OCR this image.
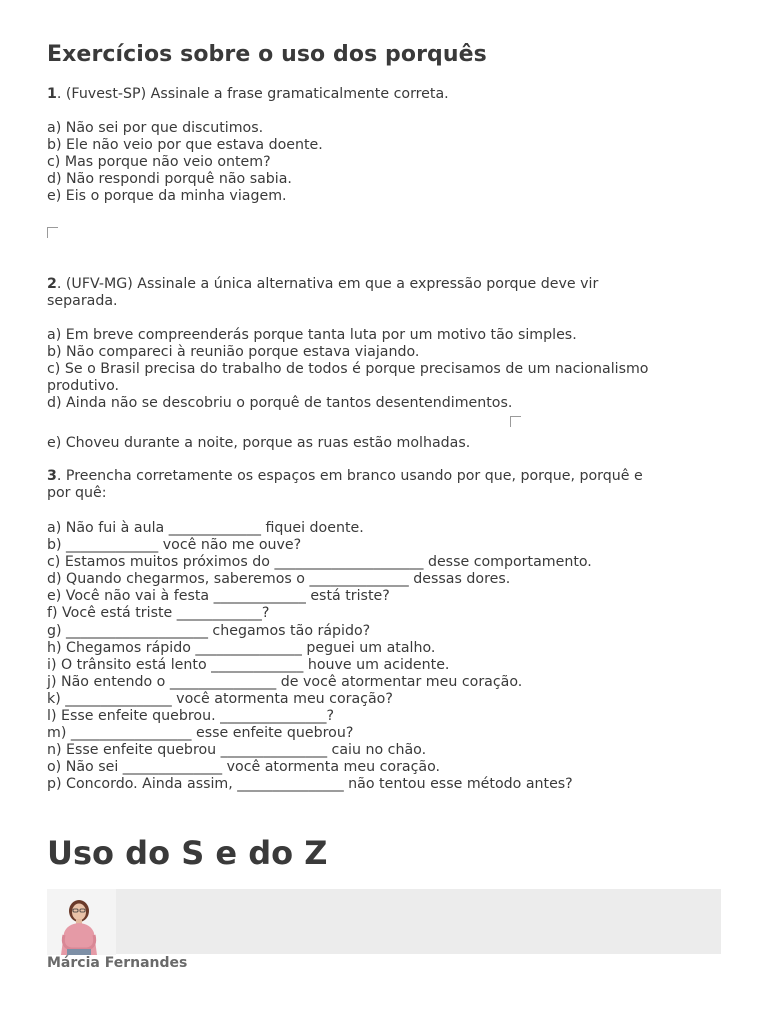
Exercícios sobre o uso dos porquês

1. (Fuvest-SP) Assinale a frase gramaticalmente correta.

a) Não sei por que discutimos.
b) Ele não veio por que estava doente.
c) Mas porque não veio ontem?
d) Não respondi porquê não sabia.
e) Eis o porque da minha viagem.

2. (UFV-MG) Assinale a única alternativa em que a expressão porque deve vir

separada.

a) Em breve compreenderás porque tanta luta por um motivo tão simples.
b) Não compareci à reunião porque estava viajando.
c) Se o Brasil precisa do trabalho de todos é porque precisamos de um nacionalismo
produtivo.
d) Ainda não se descobriu o porquê de tantos desentendimentos.
e) Choveu durante a noite, porque as ruas estão molhadas.

3. Preencha corretamente os espaços em branco usando por que, porque, porquê e

por quê:

a) Não fui à aula _____________ fiquei doente.
b) _____________ você não me ouve?
c) Estamos muitos próximos do _____________________ desse comportamento.
d) Quando chegarmos, saberemos o ______________ dessas dores.
e) Você não vai à festa _____________ está triste?
f) Você está triste ____________?
g) ____________________ chegamos tão rápido?
h) Chegamos rápido _______________ peguei um atalho.
i) O trânsito está lento _____________ houve um acidente.
j) Não entendo o _______________ de você atormentar meu coração.
k) _______________ você atormenta meu coração?
l) Esse enfeite quebrou. _______________?
m) _________________ esse enfeite quebrou?
n) Esse enfeite quebrou _______________ caiu no chão.
o) Não sei ______________ você atormenta meu coração.
p) Concordo. Ainda assim, _______________ não tentou esse método antes?
Uso do S e do Z
Márcia Fernandes
